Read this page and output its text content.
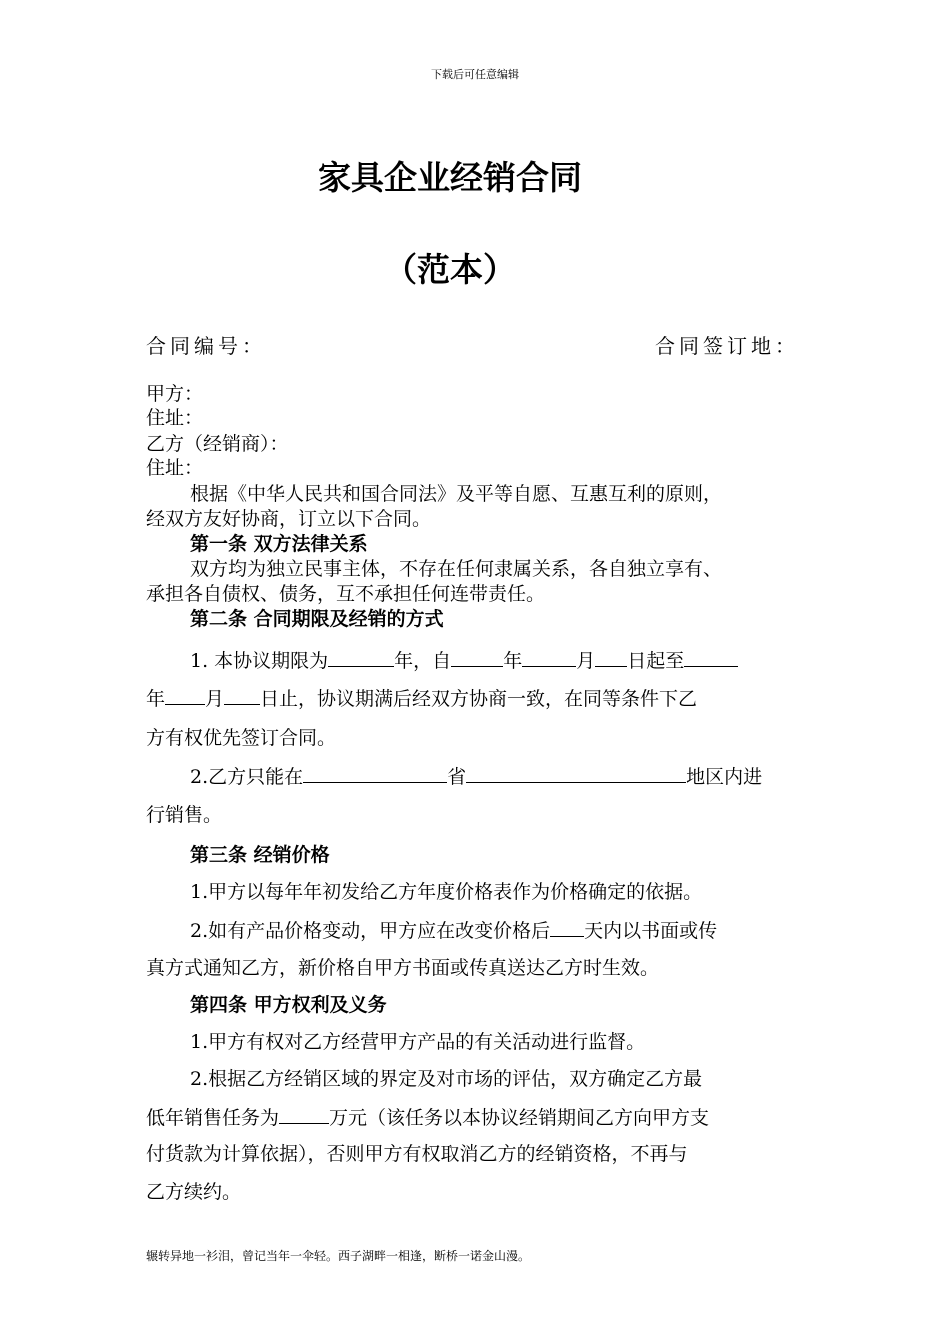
下载后可任意编辑
家具企业经销合同
（范本）
合同编号：	合同签订地：
甲方：
住址：
乙方（经销商）：
住址：
根据《中华人民共和国合同法》及平等自愿、互惠互利的原则，
经双方友好协商，订立以下合同。
第一条 双方法律关系
双方均为独立民事主体，不存在任何隶属关系，各自独立享有、
承担各自债权、债务，互不承担任何连带责任。
第二条 合同期限及经销的方式
1. 本协议期限为	年，自	年	月 日起至
年 月 日止，协议期满后经双方协商一致，在同等条件下乙
方有权优先签订合同。
2.乙方只能在	省	地区内进
行销售。
第三条 经销价格
1.甲方以每年年初发给乙方年度价格表作为价格确定的依据。
2.如有产品价格变动，甲方应在改变价格后 天内以书面或传
真方式通知乙方，新价格自甲方书面或传真送达乙方时生效。
第四条 甲方权利及义务
1.甲方有权对乙方经营甲方产品的有关活动进行监督。
2.根据乙方经销区域的界定及对市场的评估，双方确定乙方最
低年销售任务为	万元（该任务以本协议经销期间乙方向甲方支
付货款为计算依据），否则甲方有权取消乙方的经销资格，不再与
乙方续约。
辗转异地一衫泪，曾记当年一伞轻。西子湖畔一相逢，断桥一诺金山漫。
